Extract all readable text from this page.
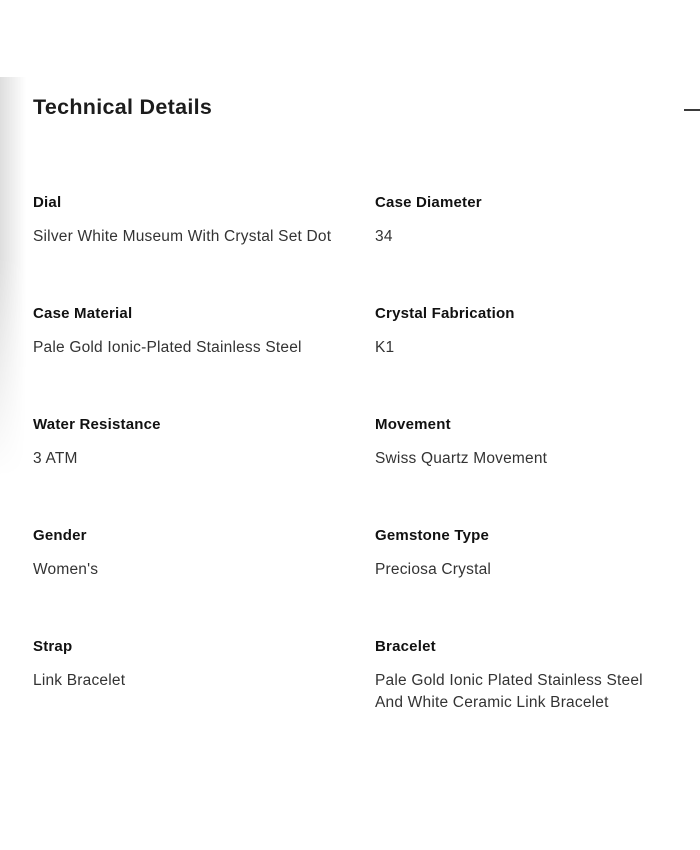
Technical Details
Dial
Silver White Museum With Crystal Set Dot
Case Diameter
34
Case Material
Pale Gold Ionic-Plated Stainless Steel
Crystal Fabrication
K1
Water Resistance
3 ATM
Movement
Swiss Quartz Movement
Gender
Women's
Gemstone Type
Preciosa Crystal
Strap
Link Bracelet
Bracelet
Pale Gold Ionic Plated Stainless Steel And White Ceramic Link Bracelet
